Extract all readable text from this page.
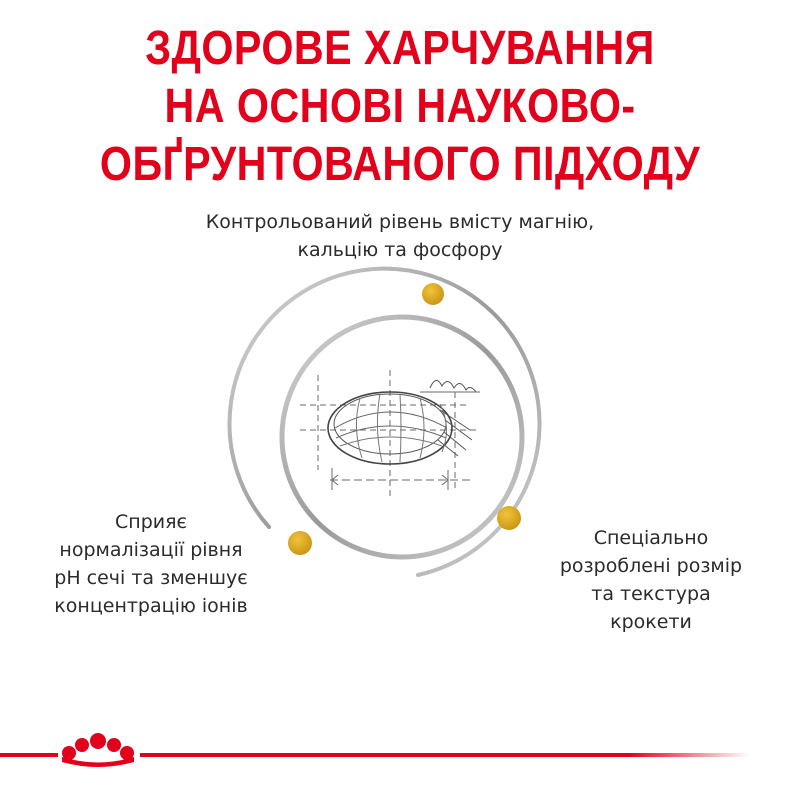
ЗДОРОВЕ ХАРЧУВАННЯ
НА ОСНОВІ НАУКОВО-
ОБҐРУНТОВАНОГО ПІДХОДУ
Контрольований рівень вмісту магнію,
кальцію та фосфору
Сприяє
нормалізації рівня
pH сечі та зменшує
концентрацію іонів
Спеціально
розроблені розмір
та текстура
крокети
